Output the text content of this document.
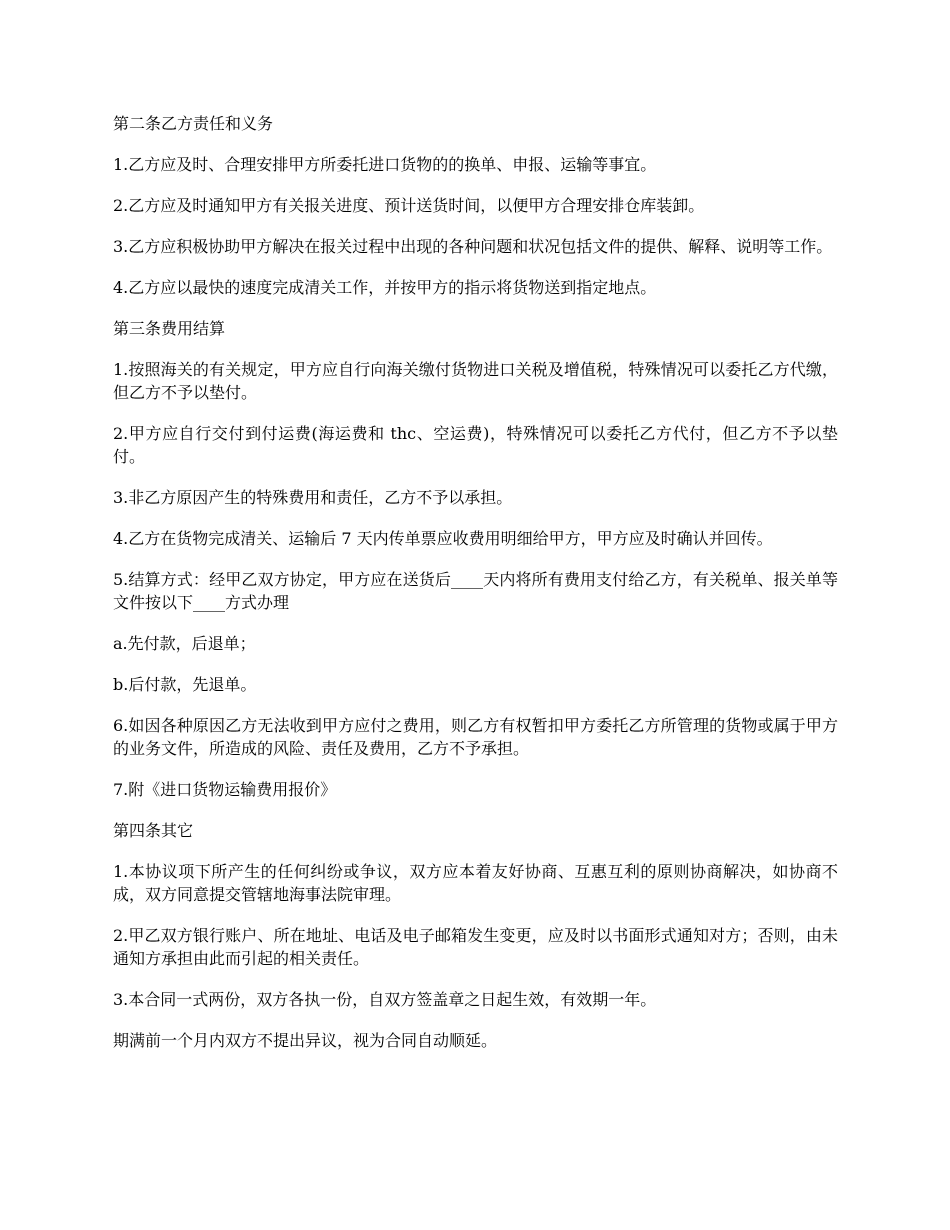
第二条乙方责任和义务

1.乙方应及时、合理安排甲方所委托进口货物的的换单、申报、运输等事宜。

2.乙方应及时通知甲方有关报关进度、预计送货时间，以便甲方合理安排仓库装卸。

3.乙方应积极协助甲方解决在报关过程中出现的各种问题和状况包括文件的提供、解释、说明等工作。

4.乙方应以最快的速度完成清关工作，并按甲方的指示将货物送到指定地点。

第三条费用结算

1.按照海关的有关规定，甲方应自行向海关缴付货物进口关税及增值税，特殊情况可以委托乙方代缴，但乙方不予以垫付。

2.甲方应自行交付到付运费(海运费和 thc、空运费)，特殊情况可以委托乙方代付，但乙方不予以垫付。

3.非乙方原因产生的特殊费用和责任，乙方不予以承担。

4.乙方在货物完成清关、运输后 7 天内传单票应收费用明细给甲方，甲方应及时确认并回传。

5.结算方式：经甲乙双方协定，甲方应在送货后____天内将所有费用支付给乙方，有关税单、报关单等文件按以下____方式办理

a.先付款，后退单；

b.后付款，先退单。

6.如因各种原因乙方无法收到甲方应付之费用，则乙方有权暂扣甲方委托乙方所管理的货物或属于甲方的业务文件，所造成的风险、责任及费用，乙方不予承担。

7.附《进口货物运输费用报价》

第四条其它

1.本协议项下所产生的任何纠纷或争议，双方应本着友好协商、互惠互利的原则协商解决，如协商不成，双方同意提交管辖地海事法院审理。

2.甲乙双方银行账户、所在地址、电话及电子邮箱发生变更，应及时以书面形式通知对方；否则，由未通知方承担由此而引起的相关责任。

3.本合同一式两份，双方各执一份，自双方签盖章之日起生效，有效期一年。

期满前一个月内双方不提出异议，视为合同自动顺延。
